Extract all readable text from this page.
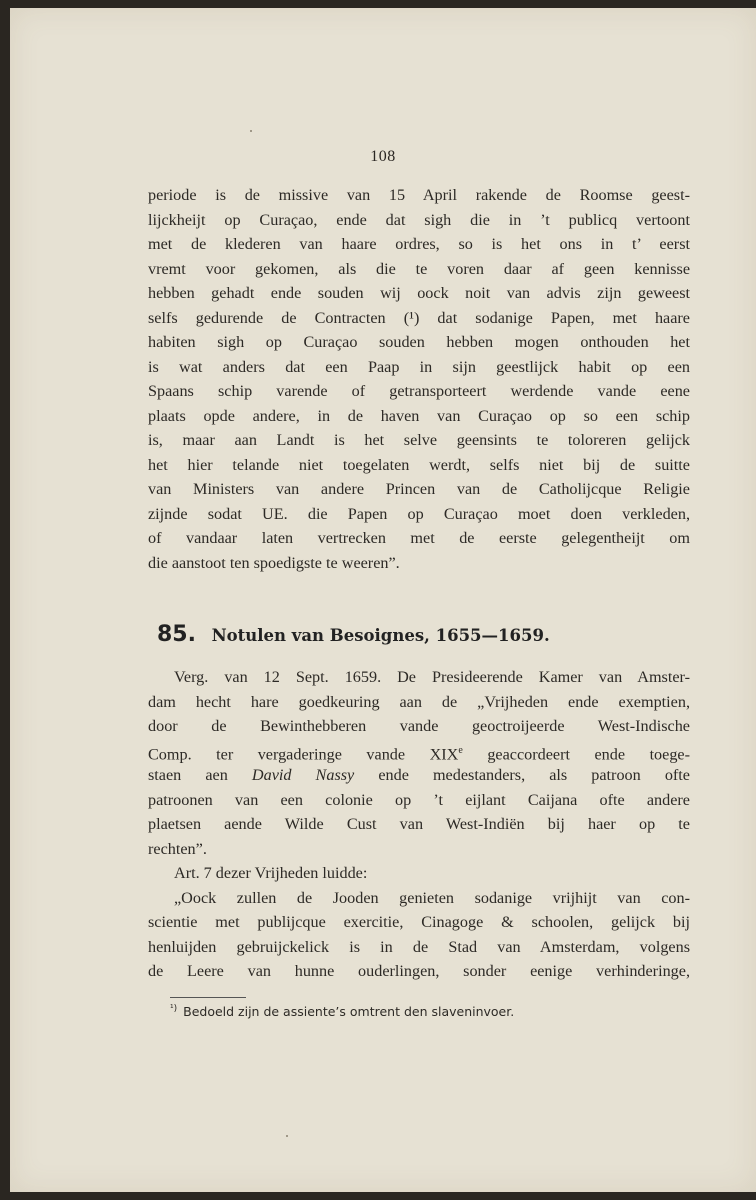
108
periode is de missive van 15 April rakende de Roomse geest-
lijckheijt op Curaçao, ende dat sigh die in ’t publicq vertoont
met de klederen van haare ordres, so is het ons in t’ eerst
vremt voor gekomen, als die te voren daar af geen kennisse
hebben gehadt ende souden wij oock noit van advis zijn geweest
selfs gedurende de Contracten (¹) dat sodanige Papen, met haare
habiten sigh op Curaçao souden hebben mogen onthouden het
is wat anders dat een Paap in sijn geestlijck habit op een
Spaans schip varende of getransporteert werdende vande eene
plaats opde andere, in de haven van Curaçao op so een schip
is, maar aan Landt is het selve geensints te toloreren gelijck
het hier telande niet toegelaten werdt, selfs niet bij de suitte
van Ministers van andere Princen van de Catholijcque Religie
zijnde sodat UE. die Papen op Curaçao moet doen verkleden,
of vandaar laten vertrecken met de eerste gelegentheijt om
die aanstoot ten spoedigste te weeren”.
85. Notulen van Besoignes, 1655—1659.
Verg. van 12 Sept. 1659. De Presideerende Kamer van Amster-
dam hecht hare goedkeuring aan de „Vrijheden ende exemptien,
door de Bewinthebberen vande geoctroijeerde West-Indische
Comp. ter vergaderinge vande XIXe geaccordeert ende toege-
staen aen David Nassy ende medestanders, als patroon ofte
patroonen van een colonie op ’t eijlant Caijana ofte andere
plaetsen aende Wilde Cust van West-Indiën bij haer op te
rechten”.
Art. 7 dezer Vrijheden luidde:
„Oock zullen de Jooden genieten sodanige vrijhijt van con-
scientie met publijcque exercitie, Cinagoge & schoolen, gelijck bij
henluijden gebruijckelick is in de Stad van Amsterdam, volgens
de Leere van hunne ouderlingen, sonder eenige verhinderinge,
$^{^1)}$ Bedoeld zijn de assiente’s omtrent den slaveninvoer.
